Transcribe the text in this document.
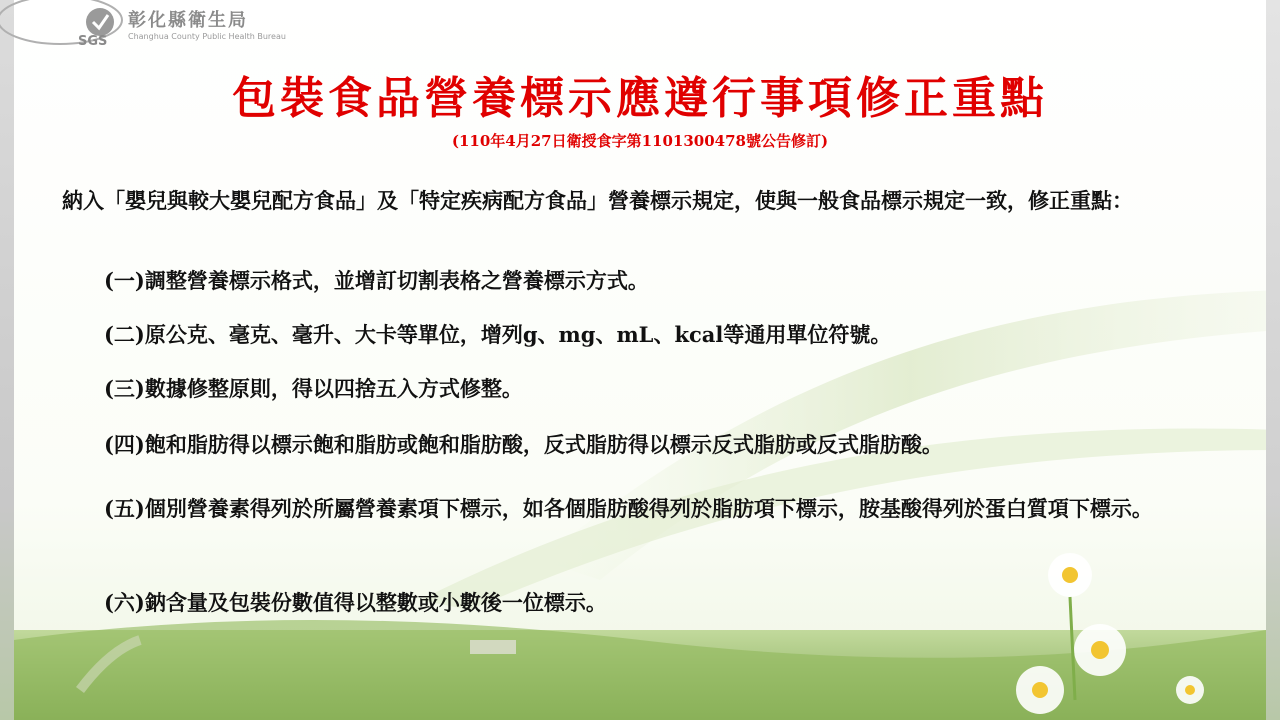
SGS
彰化縣衛生局
Changhua County Public Health Bureau
包裝食品營養標示應遵行事項修正重點
(110年4月27日衛授食字第1101300478號公告修訂)
納入「嬰兒與較大嬰兒配方食品」及「特定疾病配方食品」營養標示規定，使與一般食品標示規定一致，修正重點：
(一)調整營養標示格式，並增訂切割表格之營養標示方式。
(二)原公克、毫克、毫升、大卡等單位，增列g、mg、mL、kcal等通用單位符號。
(三)數據修整原則，得以四捨五入方式修整。
(四)飽和脂肪得以標示飽和脂肪或飽和脂肪酸，反式脂肪得以標示反式脂肪或反式脂肪酸。
(五)個別營養素得列於所屬營養素項下標示，如各個脂肪酸得列於脂肪項下標示，胺基酸得列於蛋白質項下標示。
(六)鈉含量及包裝份數值得以整數或小數後一位標示。
